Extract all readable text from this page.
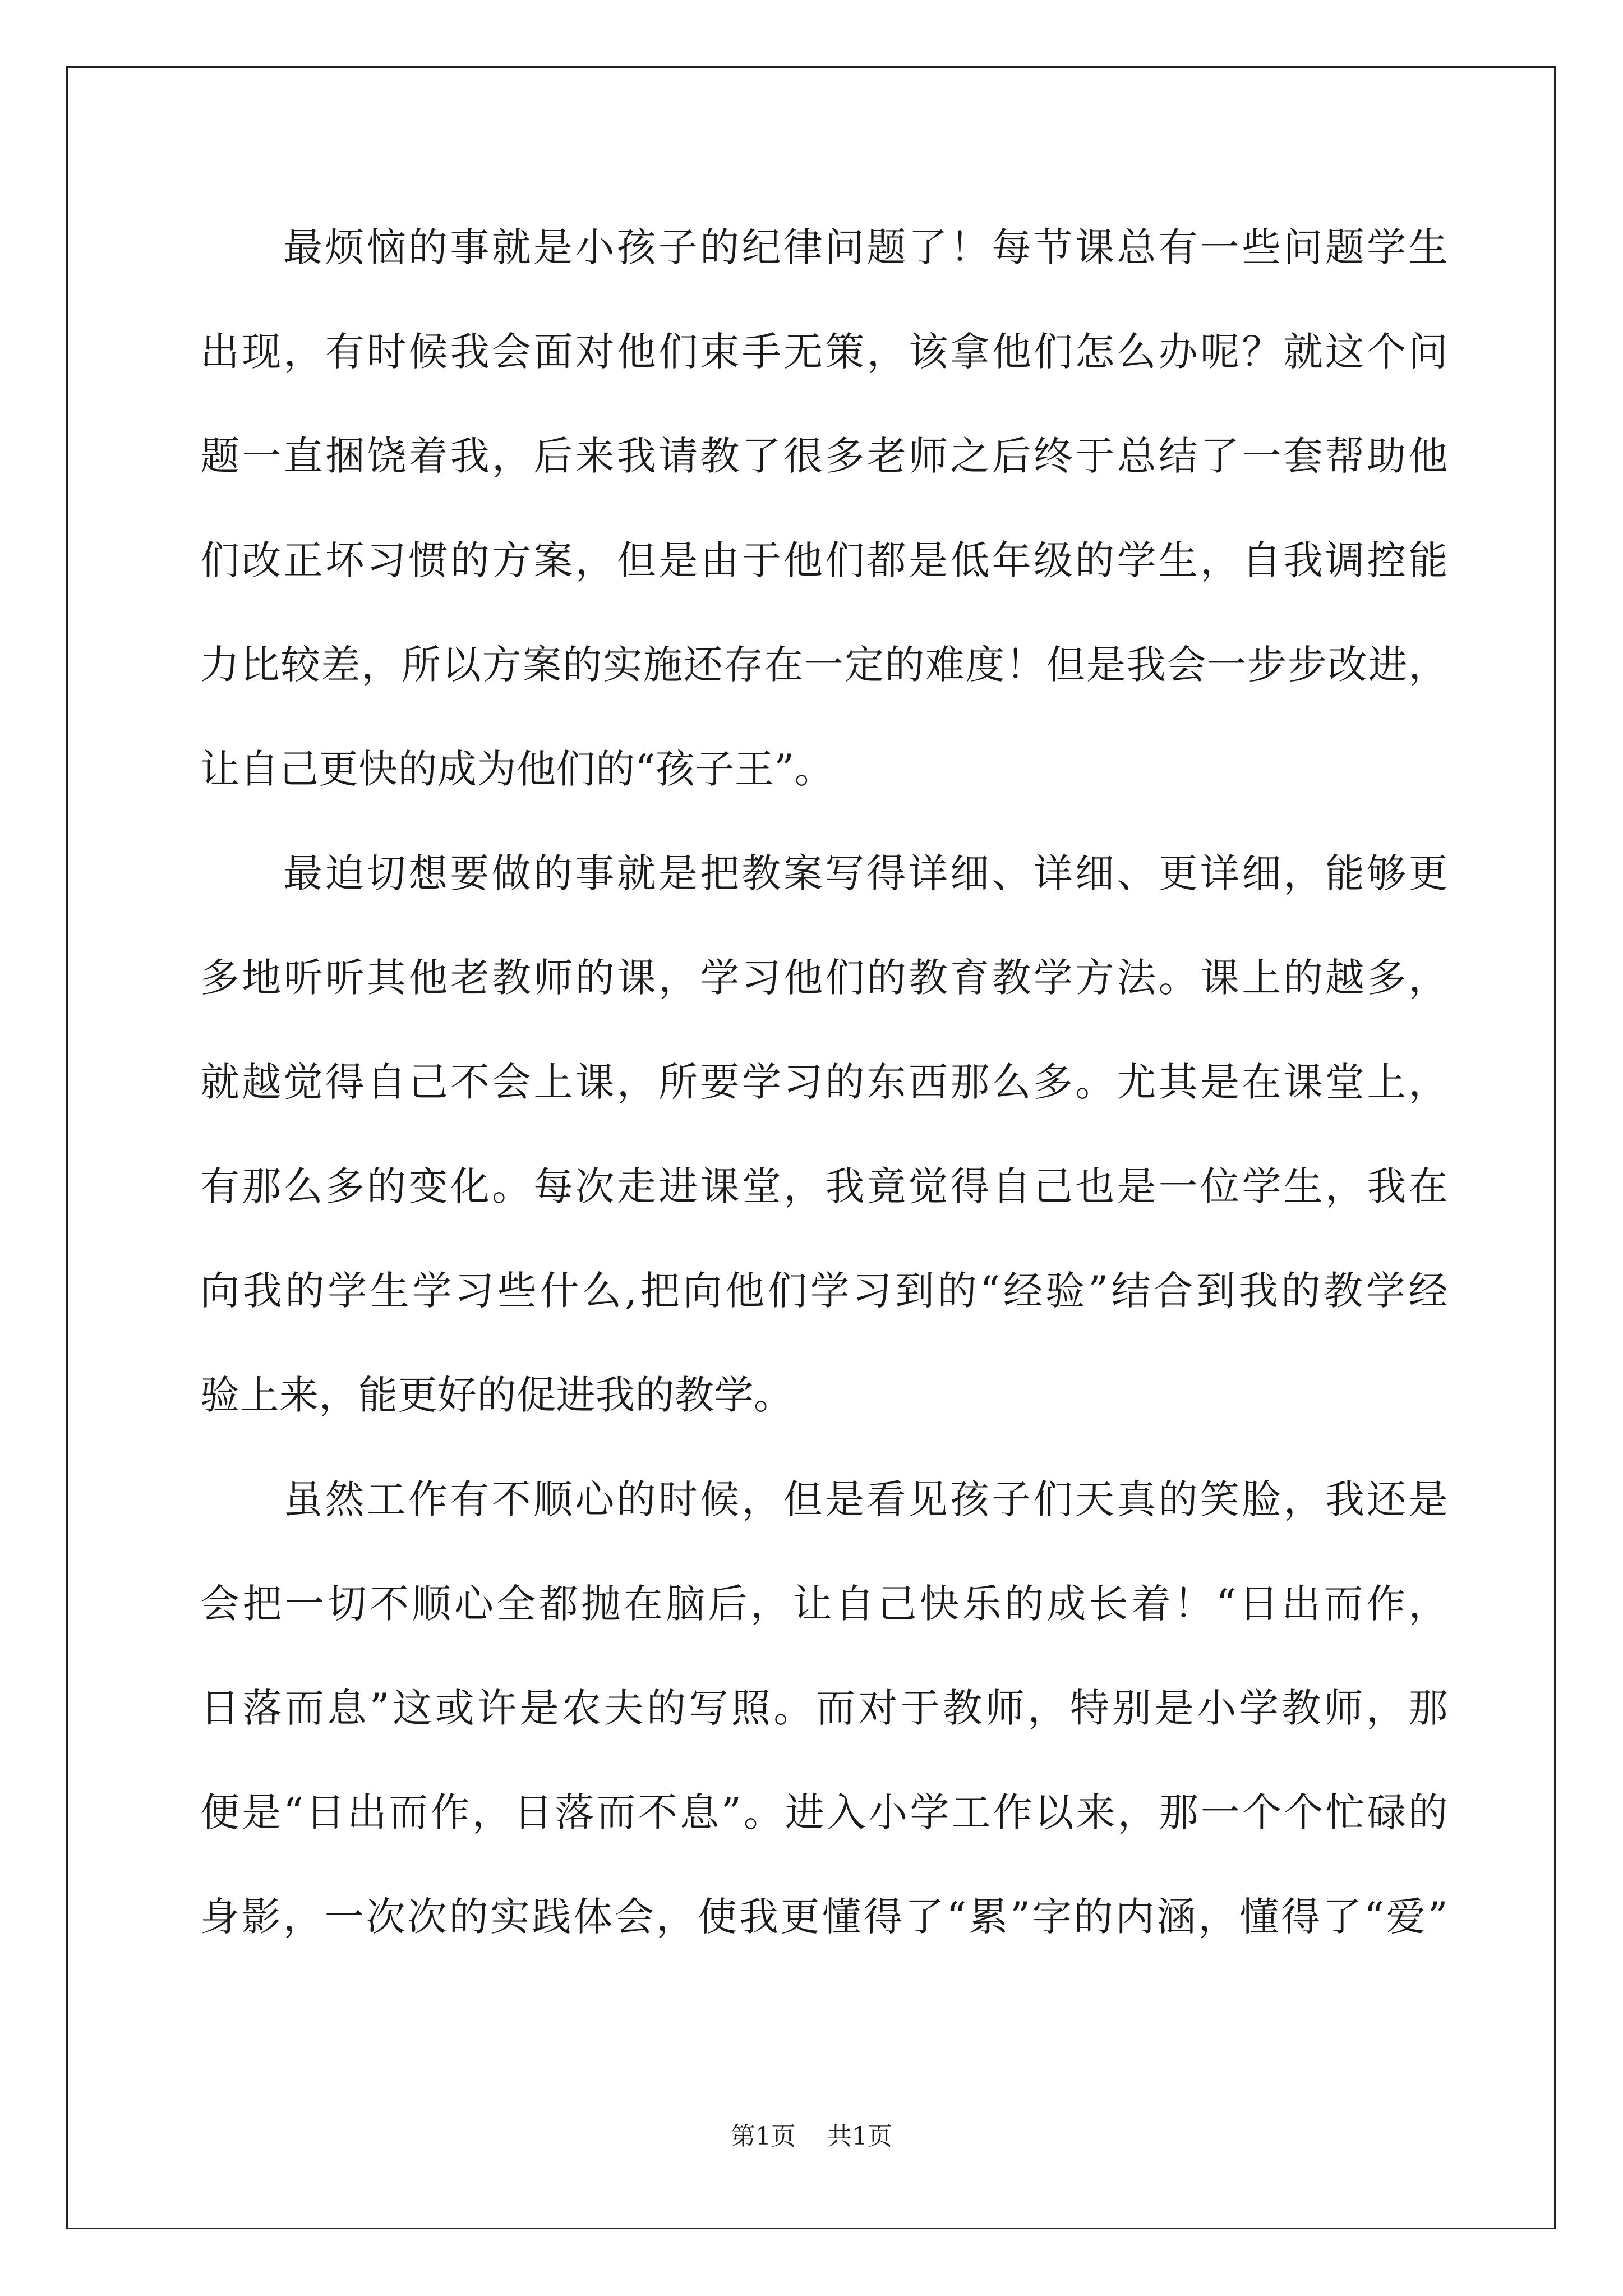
最烦恼的事就是小孩子的纪律问题了！每节课总有一些问题学生
出现，有时候我会面对他们束手无策，该拿他们怎么办呢？就这个问
题一直捆饶着我，后来我请教了很多老师之后终于总结了一套帮助他
们改正坏习惯的方案，但是由于他们都是低年级的学生，自我调控能
力比较差，所以方案的实施还存在一定的难度！但是我会一步步改进，
让自己更快的成为他们的“孩子王”。
最迫切想要做的事就是把教案写得详细、详细、更详细，能够更
多地听听其他老教师的课，学习他们的教育教学方法。课上的越多，
就越觉得自己不会上课，所要学习的东西那么多。尤其是在课堂上，
有那么多的变化。每次走进课堂，我竟觉得自己也是一位学生，我在
向我的学生学习些什么,把向他们学习到的“经验”结合到我的教学经
验上来，能更好的促进我的教学。
虽然工作有不顺心的时候，但是看见孩子们天真的笑脸，我还是
会把一切不顺心全都抛在脑后，让自己快乐的成长着！“日出而作，
日落而息”这或许是农夫的写照。而对于教师，特别是小学教师，那
便是“日出而作，日落而不息”。进入小学工作以来，那一个个忙碌的
身影，一次次的实践体会，使我更懂得了“累”字的内涵，懂得了“爱”
第1页    共1页
